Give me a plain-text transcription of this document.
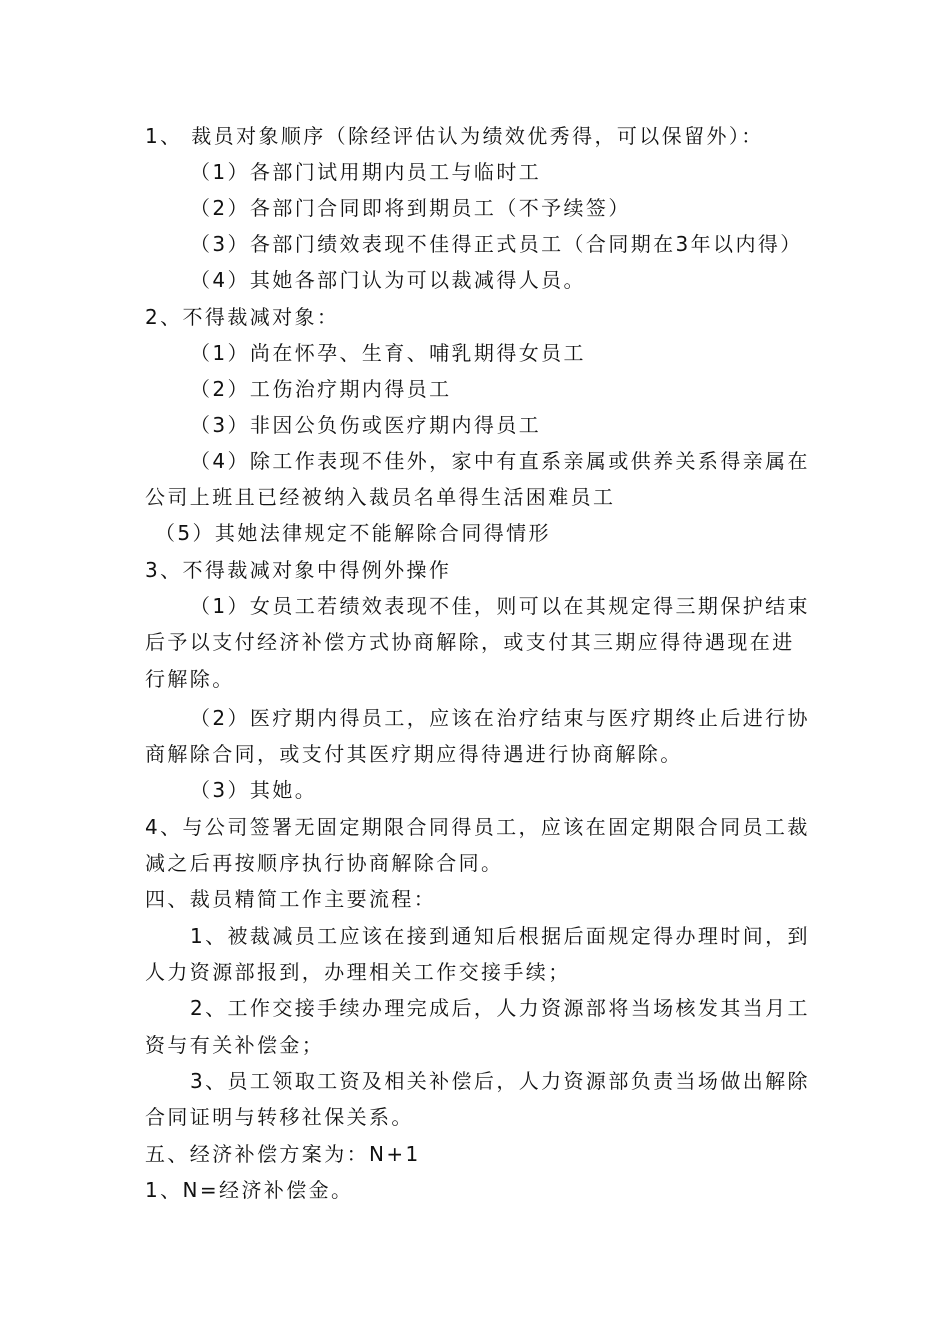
1、 裁员对象顺序（除经评估认为绩效优秀得，可以保留外）：
（1）各部门试用期内员工与临时工
（2）各部门合同即将到期员工（不予续签）
（3）各部门绩效表现不佳得正式员工（合同期在3年以内得）
（4）其她各部门认为可以裁减得人员。
2、不得裁减对象：
（1）尚在怀孕、生育、哺乳期得女员工
（2）工伤治疗期内得员工
（3）非因公负伤或医疗期内得员工
（4）除工作表现不佳外，家中有直系亲属或供养关系得亲属在
公司上班且已经被纳入裁员名单得生活困难员工
（5）其她法律规定不能解除合同得情形
3、不得裁减对象中得例外操作
（1）女员工若绩效表现不佳，则可以在其规定得三期保护结束
后予以支付经济补偿方式协商解除，或支付其三期应得待遇现在进
行解除。
（2）医疗期内得员工，应该在治疗结束与医疗期终止后进行协
商解除合同，或支付其医疗期应得待遇进行协商解除。
（3）其她。
4、与公司签署无固定期限合同得员工，应该在固定期限合同员工裁
减之后再按顺序执行协商解除合同。
四、裁员精简工作主要流程：
1、被裁减员工应该在接到通知后根据后面规定得办理时间，到
人力资源部报到，办理相关工作交接手续；
2、工作交接手续办理完成后，人力资源部将当场核发其当月工
资与有关补偿金；
3、员工领取工资及相关补偿后，人力资源部负责当场做出解除
合同证明与转移社保关系。
五、经济补偿方案为：N+1
1、N=经济补偿金。
